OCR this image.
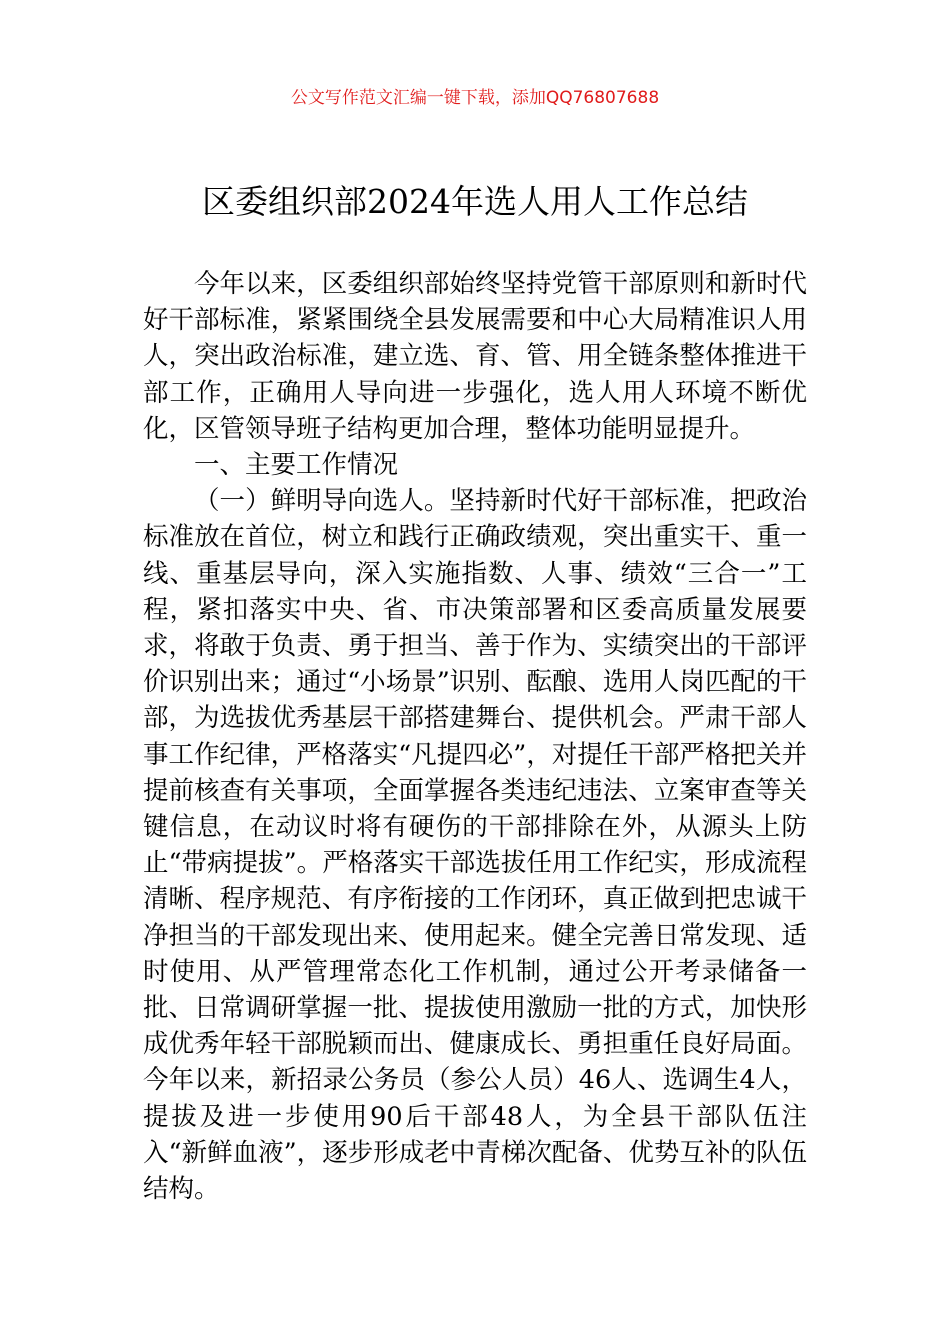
公文写作范文汇编一键下载，添加QQ76807688

区委组织部2024年选人用人工作总结

今年以来，区委组织部始终坚持党管干部原则和新时代好干部标准，紧紧围绕全县发展需要和中心大局精准识人用人，突出政治标准，建立选、育、管、用全链条整体推进干部工作，正确用人导向进一步强化，选人用人环境不断优化，区管领导班子结构更加合理，整体功能明显提升。

一、主要工作情况

（一）鲜明导向选人。坚持新时代好干部标准，把政治标准放在首位，树立和践行正确政绩观，突出重实干、重一线、重基层导向，深入实施指数、人事、绩效“三合一”工程，紧扣落实中央、省、市决策部署和区委高质量发展要求，将敢于负责、勇于担当、善于作为、实绩突出的干部评价识别出来；通过“小场景”识别、酝酿、选用人岗匹配的干部，为选拔优秀基层干部搭建舞台、提供机会。严肃干部人事工作纪律，严格落实“凡提四必”，对提任干部严格把关并提前核查有关事项，全面掌握各类违纪违法、立案审查等关键信息，在动议时将有硬伤的干部排除在外，从源头上防止“带病提拔”。严格落实干部选拔任用工作纪实，形成流程清晰、程序规范、有序衔接的工作闭环，真正做到把忠诚干净担当的干部发现出来、使用起来。健全完善日常发现、适时使用、从严管理常态化工作机制，通过公开考录储备一批、日常调研掌握一批、提拔使用激励一批的方式，加快形成优秀年轻干部脱颖而出、健康成长、勇担重任良好局面。今年以来，新招录公务员（参公人员）46人、选调生4人，提拔及进一步使用90后干部48人，为全县干部队伍注入“新鲜血液”，逐步形成老中青梯次配备、优势互补的队伍结构。
